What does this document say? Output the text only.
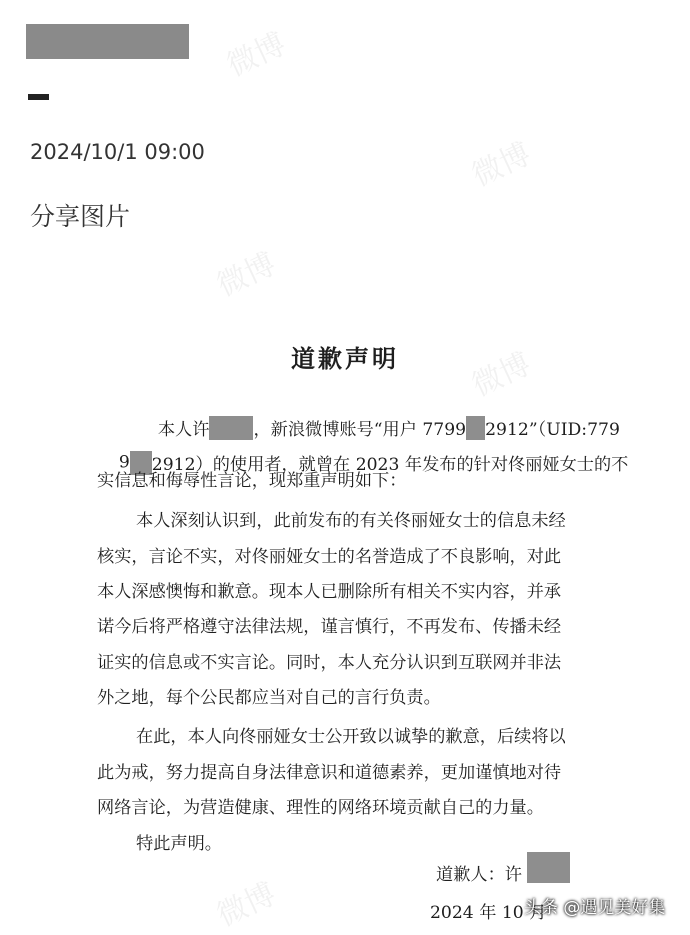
2024/10/1 09:00
分享图片
微博
微博
微博
微博
微博
道歉声明

本人许	，新浪微博账号“用户 7799 2912”（UID:779

9 2912）的使用者，就曾在 2023 年发布的针对佟丽娅女士的不

实信息和侮辱性言论，现郑重声明如下：
本人深刻认识到，此前发布的有关佟丽娅女士的信息未经
核实，言论不实，对佟丽娅女士的名誉造成了不良影响，对此
本人深感懊悔和歉意。现本人已删除所有相关不实内容，并承
诺今后将严格遵守法律法规，谨言慎行，不再发布、传播未经
证实的信息或不实言论。同时，本人充分认识到互联网并非法
外之地，每个公民都应当对自己的言行负责。
在此，本人向佟丽娅女士公开致以诚挚的歉意，后续将以
此为戒，努力提高自身法律意识和道德素养，更加谨慎地对待
网络言论，为营造健康、理性的网络环境贡献自己的力量。
特此声明。
道歉人：许
2024 年 10 月
头条 @遇见美好集
